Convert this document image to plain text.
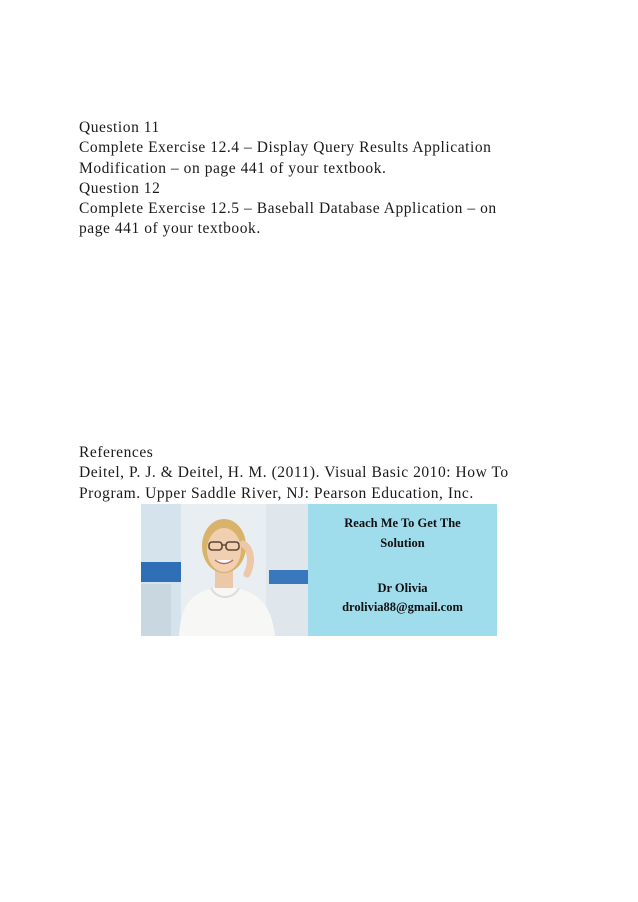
Question 11
Complete Exercise 12.4 – Display Query Results Application
Modification – on page 441 of your textbook.
Question 12
Complete Exercise 12.5 – Baseball Database Application – on
page 441 of your textbook.
References
Deitel, P. J. & Deitel, H. M. (2011). Visual Basic 2010: How To
Program. Upper Saddle River, NJ: Pearson Education, Inc.
Reach Me To Get The
Solution
Dr Olivia
drolivia88@gmail.com
